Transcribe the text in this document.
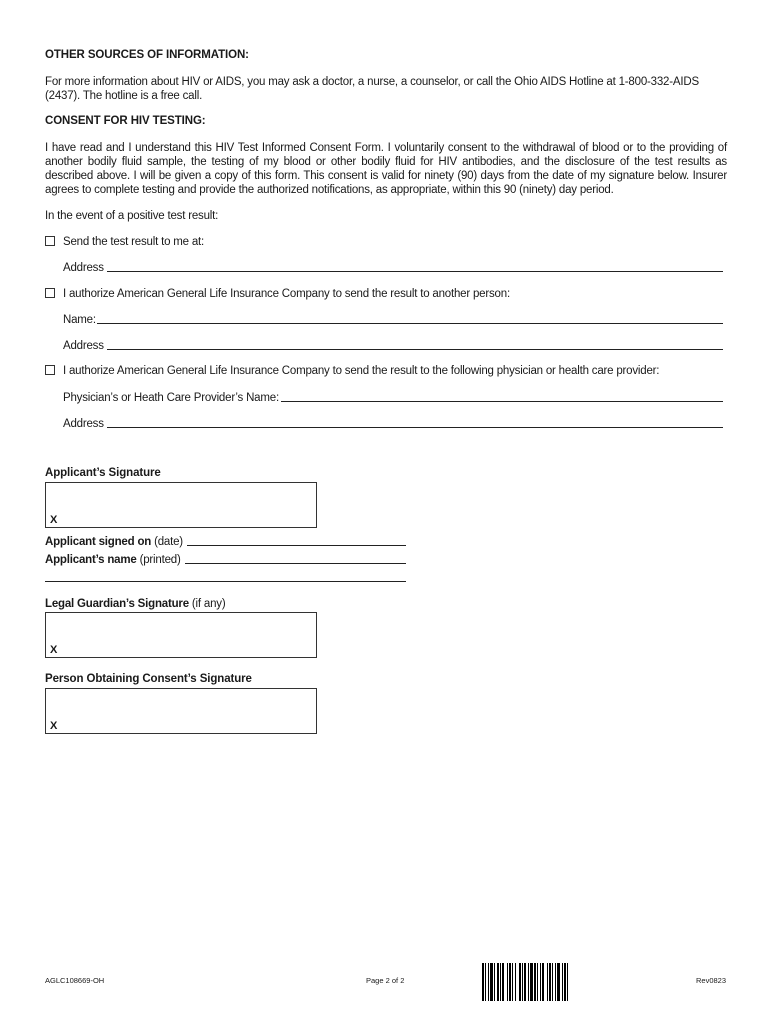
OTHER SOURCES OF INFORMATION:
For more information about HIV or AIDS, you may ask a doctor, a nurse, a counselor, or call the Ohio AIDS Hotline at 1-800-332-AIDS (2437). The hotline is a free call.
CONSENT FOR HIV TESTING:
I have read and I understand this HIV Test Informed Consent Form. I voluntarily consent to the withdrawal of blood or to the providing of another bodily fluid sample, the testing of my blood or other bodily fluid for HIV antibodies, and the disclosure of the test results as described above. I will be given a copy of this form. This consent is valid for ninety (90) days from the date of my signature below. Insurer agrees to complete testing and provide the authorized notifications, as appropriate, within this 90 (ninety) day period.
In the event of a positive test result:
Send the test result to me at:
Address
I authorize American General Life Insurance Company to send the result to another person:
Name:
Address
I authorize American General Life Insurance Company to send the result to the following physician or health care provider:
Physician’s or Heath Care Provider’s Name:
Address
Applicant’s Signature
X
Applicant signed on (date)
Applicant’s name (printed)
Legal Guardian’s Signature (if any)
X
Person Obtaining Consent’s Signature
X
AGLC108669-OH	Page 2 of 2	Rev0823
